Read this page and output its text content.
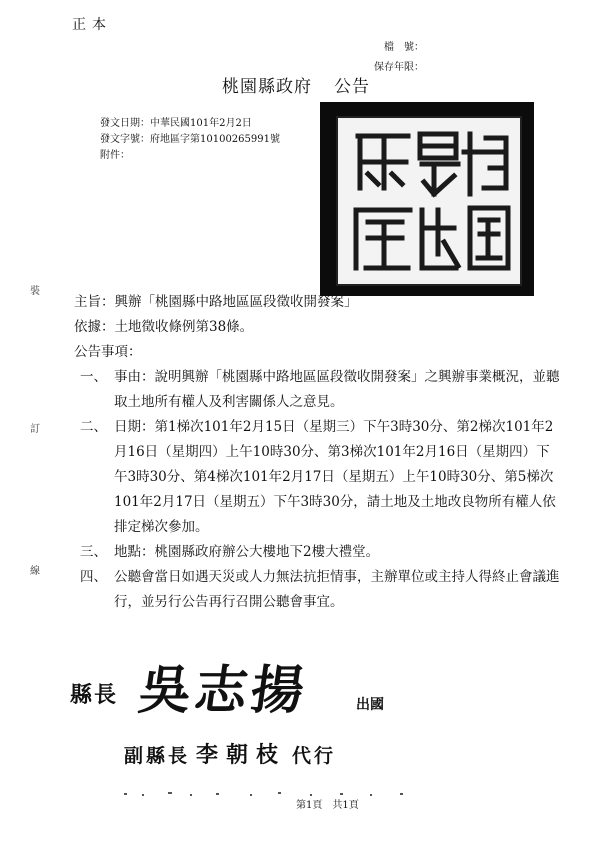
正本
檔　號：
保存年限：
桃園縣政府 公告
發文日期：中華民國101年2月2日
發文字號：府地區字第10100265991號
附件：
裝
訂
線
主旨：興辦「桃園縣中路地區區段徵收開發案」
依據：土地徵收條例第38條。
公告事項：
一、 事由：說明興辦「桃園縣中路地區區段徵收開發案」之興辦事業概況，並聽取土地所有權人及利害關係人之意見。
二、 日期：第1梯次101年2月15日（星期三）下午3時30分、第2梯次101年2月16日（星期四）上午10時30分、第3梯次101年2月16日（星期四）下午3時30分、第4梯次101年2月17日（星期五）上午10時30分、第5梯次101年2月17日（星期五）下午3時30分，請土地及土地改良物所有權人依排定梯次參加。
三、 地點：桃園縣政府辦公大樓地下2樓大禮堂。
四、 公聽會當日如遇天災或人力無法抗拒情事，主辦單位或主持人得終止會議進行，並另行公告再行召開公聽會事宜。
縣長 吳志揚	出國
副縣長 李朝枝 代行
第1頁 共1頁
